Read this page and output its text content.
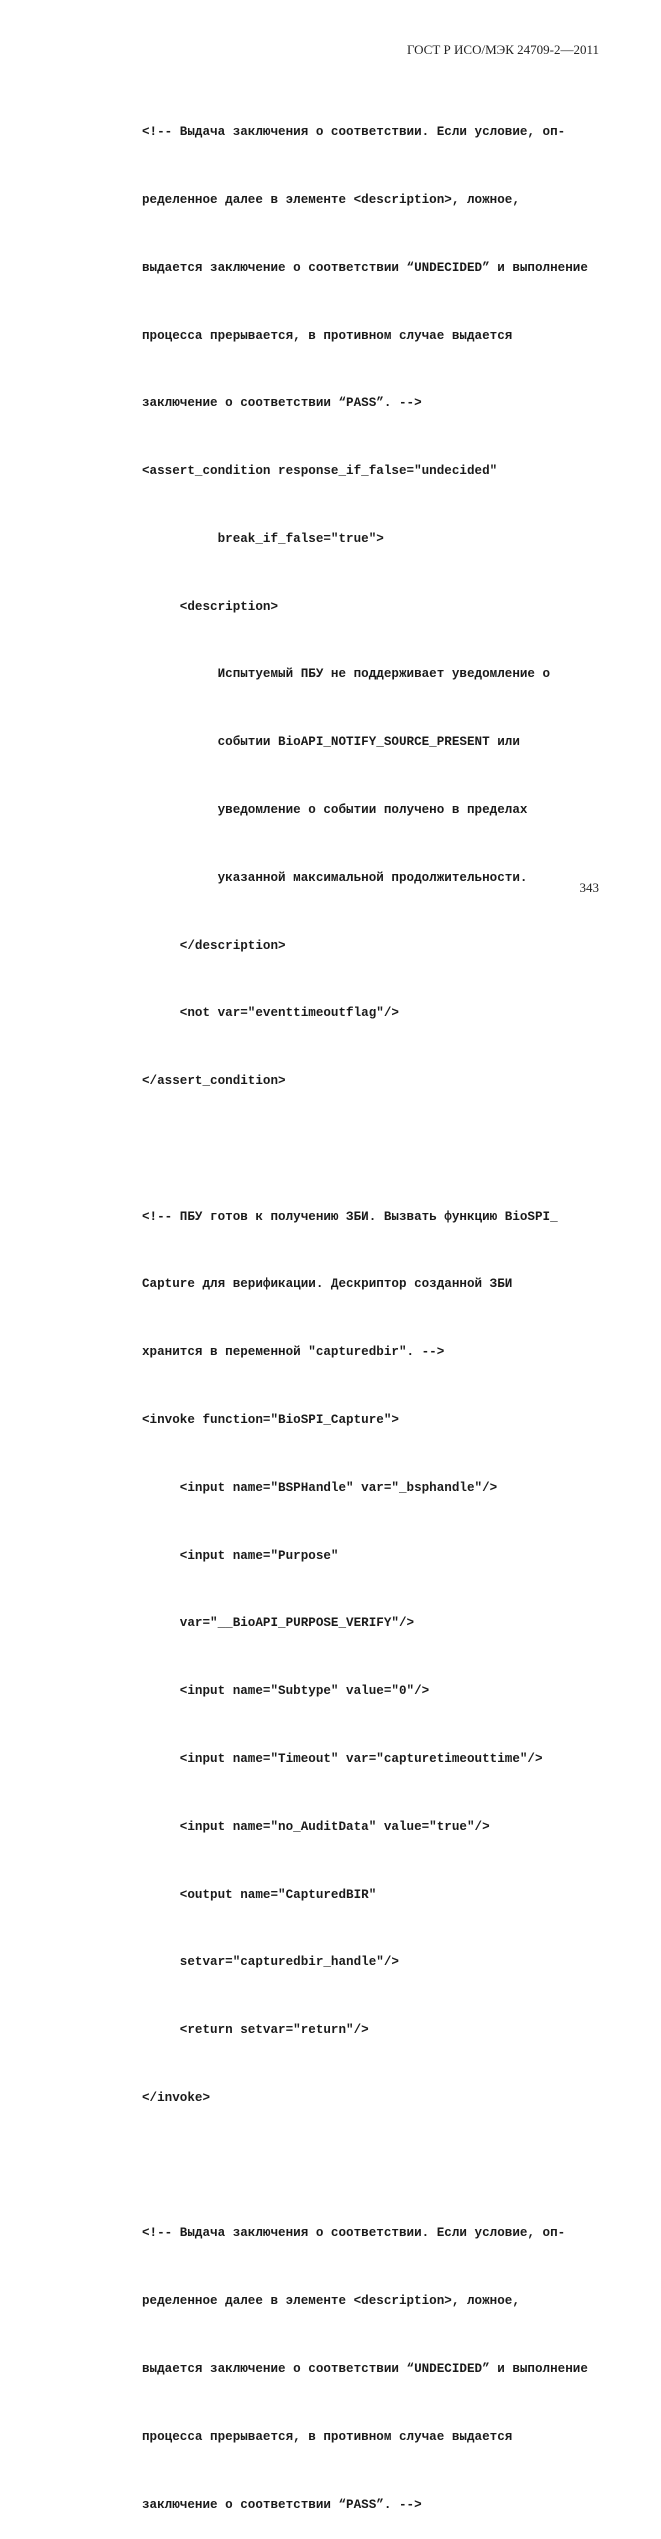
ГОСТ Р ИСО/МЭК 24709-2—2011

<!-- Выдача заключения о соответствии. Если условие, оп-

ределенное далее в элементе <description>, ложное,

выдается заключение о соответствии “UNDECIDED” и выполнение

процесса прерывается, в противном случае выдается

заключение о соответствии “PASS”. -->

<assert_condition response_if_false="undecided"

break_if_false="true">

<description>

Испытуемый ПБУ не поддерживает уведомление о

событии BioAPI_NOTIFY_SOURCE_PRESENT или

уведомление о событии получено в пределах

указанной максимальной продолжительности.

</description>

<not var="eventtimeoutflag"/>

</assert_condition>

<!-- ПБУ готов к получению ЗБИ. Вызвать функцию BioSPI_

Capture для верификации. Дескриптор созданной ЗБИ

хранится в переменной "capturedbir". -->

<invoke function="BioSPI_Capture">

<input name="BSPHandle" var="_bsphandle"/>

<input name="Purpose"

var="__BioAPI_PURPOSE_VERIFY"/>

<input name="Subtype" value="0"/>

<input name="Timeout" var="capturetimeouttime"/>

<input name="no_AuditData" value="true"/>

<output name="CapturedBIR"

setvar="capturedbir_handle"/>

<return setvar="return"/>

</invoke>

<!-- Выдача заключения о соответствии. Если условие, оп-

ределенное далее в элементе <description>, ложное,

выдается заключение о соответствии “UNDECIDED” и выполнение

процесса прерывается, в противном случае выдается

заключение о соответствии “PASS”. -->

343
